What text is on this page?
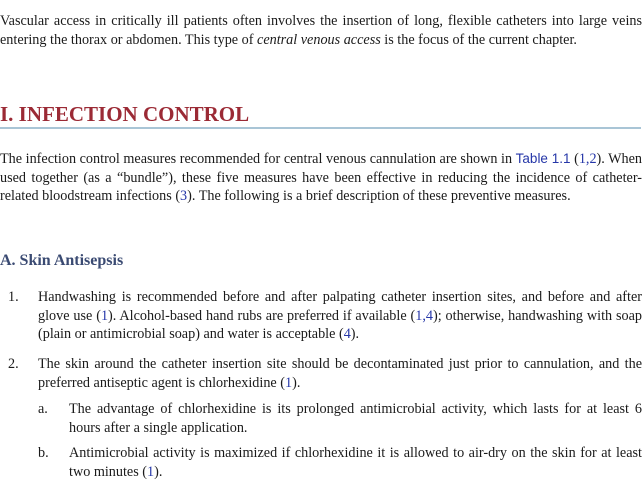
Vascular access in critically ill patients often involves the insertion of long, flexible catheters into large veins entering the thorax or abdomen. This type of central venous access is the focus of the current chapter.

I. INFECTION CONTROL

The infection control measures recommended for central venous cannulation are shown in Table 1.1 (1,2). When used together (as a “bundle”), these five measures have been effective in reducing the incidence of catheter-related bloodstream infections (3). The following is a brief description of these preventive measures.

A. Skin Antisepsis
1. Handwashing is recommended before and after palpating catheter insertion sites, and before and after glove use (1). Alcohol-based hand rubs are preferred if available (1,4); otherwise, handwashing with soap (plain or antimicrobial soap) and water is acceptable (4).

2. The skin around the catheter insertion site should be decontaminated just prior to cannulation, and the preferred antiseptic agent is chlorhexidine (1).

a. The advantage of chlorhexidine is its prolonged antimicrobial activity, which lasts for at least 6 hours after a single application.

b. Antimicrobial activity is maximized if chlorhexidine it is allowed to air-dry on the skin for at least two minutes (1).
